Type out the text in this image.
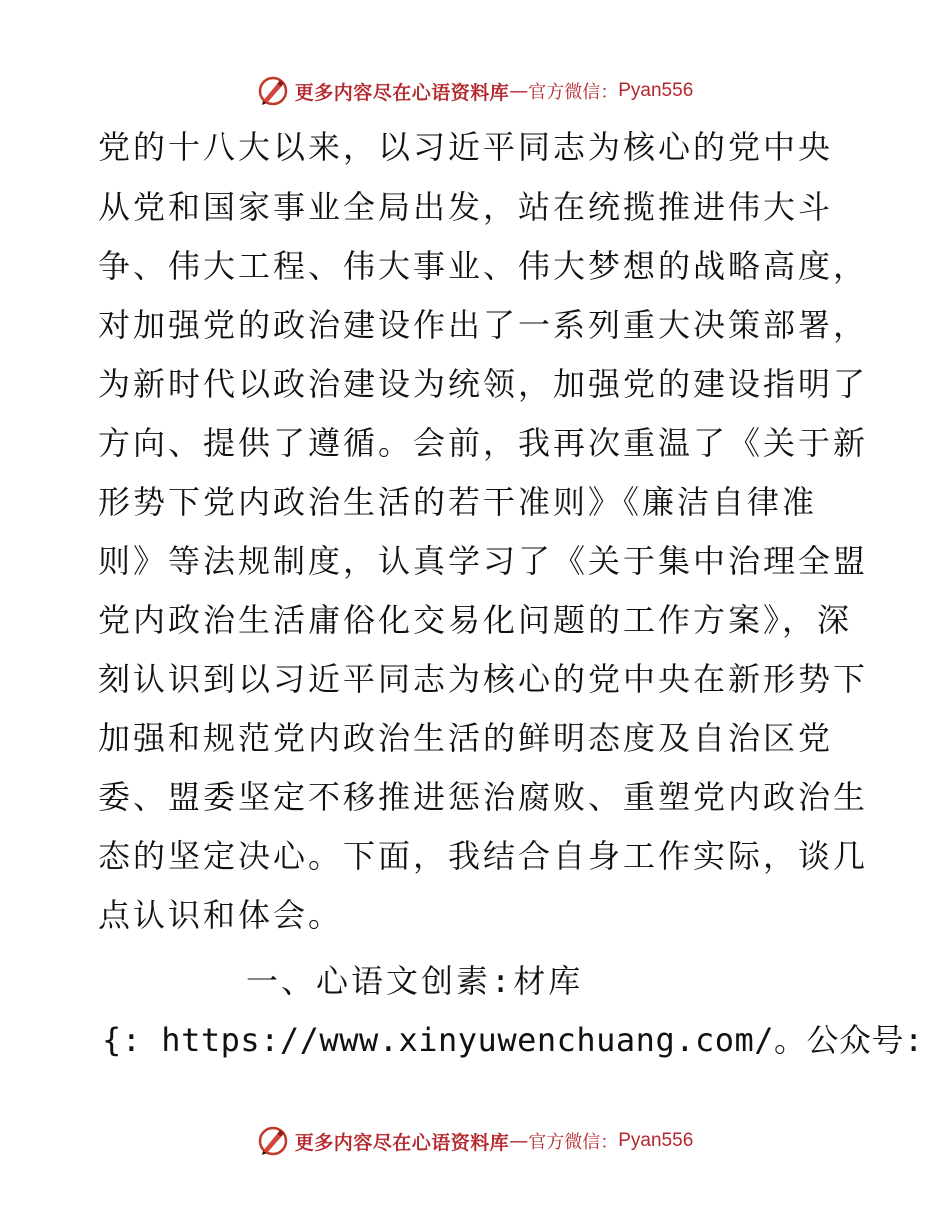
更多内容尽在心语资料库 — 官方微信： Pyan556

党的十八大以来，以习近平同志为核心的党中央

从党和国家事业全局出发，站在统揽推进伟大斗

争、伟大工程、伟大事业、伟大梦想的战略高度，

对加强党的政治建设作出了一系列重大决策部署，

为新时代以政治建设为统领，加强党的建设指明了

方向、提供了遵循。会前，我再次重温了《关于新

形势下党内政治生活的若干准则》《廉洁自律准

则》等法规制度，认真学习了《关于集中治理全盟

党内政治生活庸俗化交易化问题的工作方案》，深

刻认识到以习近平同志为核心的党中央在新形势下

加强和规范党内政治生活的鲜明态度及自治区党

委、盟委坚定不移推进惩治腐败、重塑党内政治生

态的坚定决心。下面，我结合自身工作实际，谈几

点认识和体会。

一、心语文创素:材库

{: https://www.xinyuwenchuang.com/。公众号:

更多内容尽在心语资料库 — 官方微信： Pyan556
